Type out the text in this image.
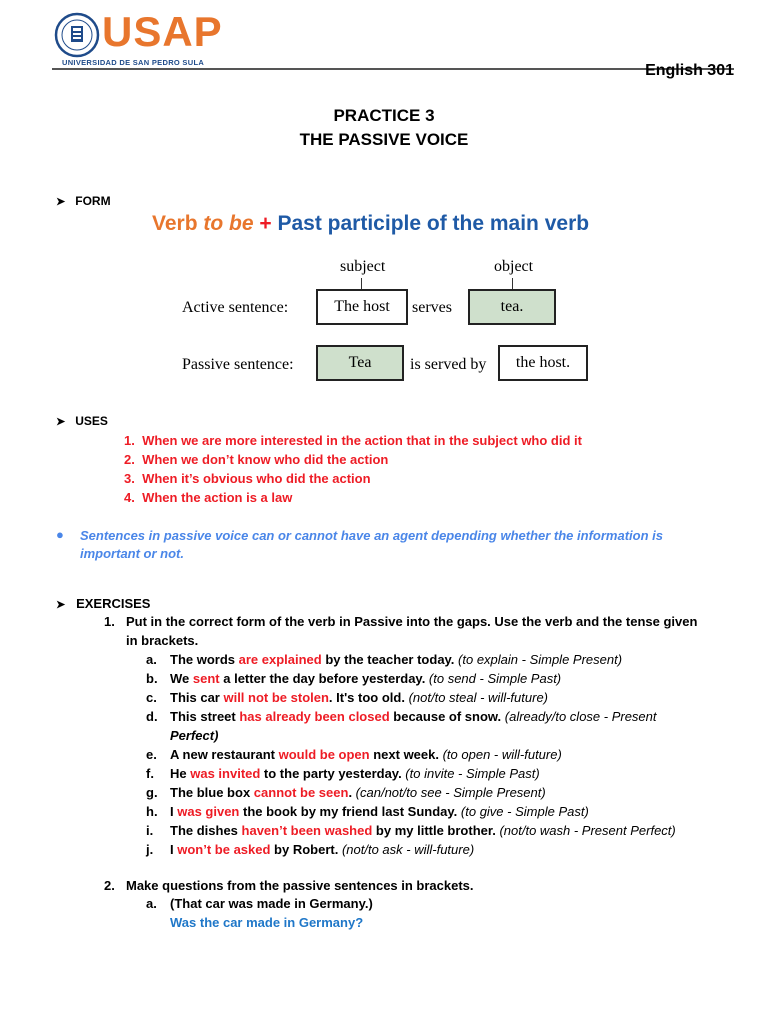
USAP
UNIVERSIDAD DE SAN PEDRO SULA	English 301
PRACTICE 3
THE PASSIVE VOICE
➤ FORM
Verb to be + Past participle of the main verb
subject	object
Active sentence:	The host	serves	tea.
Passive sentence:	Tea	is served by	the host.
➤ USES
1. When we are more interested in the action that in the subject who did it
2. When we don’t know who did the action
3. When it’s obvious who did the action
4. When the action is a law
● Sentences in passive voice can or cannot have an agent depending whether the information is
important or not.
➤ EXERCISES
1. Put in the correct form of the verb in Passive into the gaps. Use the verb and the tense given
in brackets.
a. The words are explained by the teacher today. (to explain - Simple Present)
b. We sent a letter the day before yesterday. (to send - Simple Past)
c. This car will not be stolen. It's too old. (not/to steal - will-future)
d. This street has already been closed because of snow. (already/to close - Present
Perfect)
e. A new restaurant would be open next week. (to open - will-future)
f. He was invited to the party yesterday. (to invite - Simple Past)
g. The blue box cannot be seen. (can/not/to see - Simple Present)
h. I was given the book by my friend last Sunday. (to give - Simple Past)
i. The dishes haven’t been washed by my little brother. (not/to wash - Present Perfect)
j. I won’t be asked by Robert. (not/to ask - will-future)
2. Make questions from the passive sentences in brackets.
a. (That car was made in Germany.)
Was the car made in Germany?
